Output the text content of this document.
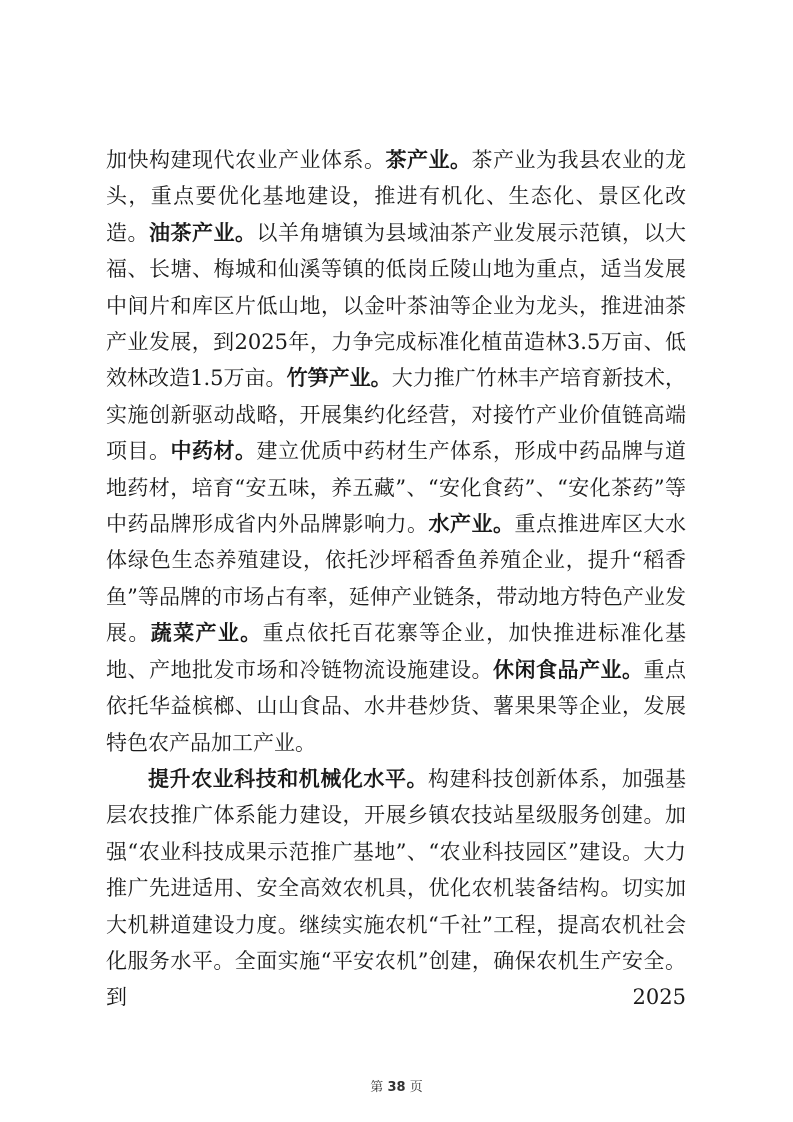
加快构建现代农业产业体系。茶产业。茶产业为我县农业的龙头，重点要优化基地建设，推进有机化、生态化、景区化改造。油茶产业。以羊角塘镇为县域油茶产业发展示范镇，以大福、长塘、梅城和仙溪等镇的低岗丘陵山地为重点，适当发展中间片和库区片低山地，以金叶茶油等企业为龙头，推进油茶产业发展，到2025年，力争完成标准化植苗造林3.5万亩、低效林改造1.5万亩。竹笋产业。大力推广竹林丰产培育新技术，实施创新驱动战略，开展集约化经营，对接竹产业价值链高端项目。中药材。建立优质中药材生产体系，形成中药品牌与道地药材，培育“安五味，养五藏”、“安化食药”、“安化茶药”等中药品牌形成省内外品牌影响力。水产业。重点推进库区大水体绿色生态养殖建设，依托沙坪稻香鱼养殖企业，提升“稻香鱼”等品牌的市场占有率，延伸产业链条，带动地方特色产业发展。蔬菜产业。重点依托百花寨等企业，加快推进标准化基地、产地批发市场和冷链物流设施建设。休闲食品产业。重点依托华益槟榔、山山食品、水井巷炒货、薯果果等企业，发展特色农产品加工产业。

提升农业科技和机械化水平。构建科技创新体系，加强基层农技推广体系能力建设，开展乡镇农技站星级服务创建。加强“农业科技成果示范推广基地”、“农业科技园区”建设。大力推广先进适用、安全高效农机具，优化农机装备结构。切实加大机耕道建设力度。继续实施农机“千社”工程，提高农机社会化服务水平。全面实施“平安农机”创建，确保农机生产安全。到2025

第 38 页
